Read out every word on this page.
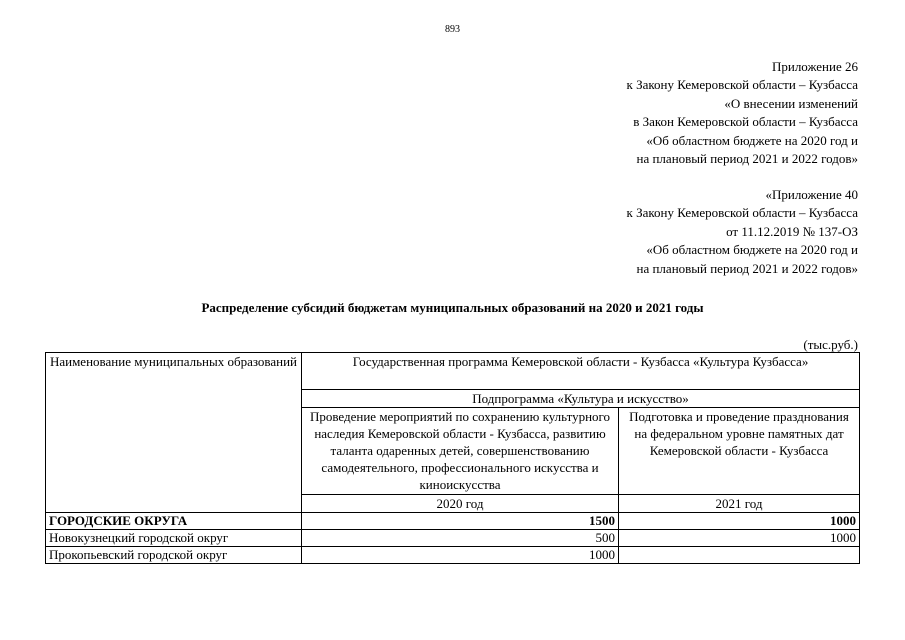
893
Приложение 26
к Закону Кемеровской области – Кузбасса
«О внесении изменений
в Закон Кемеровской области – Кузбасса
«Об областном бюджете на 2020 год и
на плановый период 2021 и 2022 годов»
«Приложение 40
к Закону Кемеровской области – Кузбасса
от 11.12.2019 № 137-ОЗ
«Об областном бюджете на 2020 год и
на плановый период 2021 и 2022 годов»
Распределение субсидий бюджетам муниципальных образований на 2020 и 2021 годы
(тыс.руб.)
Наименование муниципальных образований	Государственная программа Кемеровской области - Кузбасса «Культура Кузбасса»	
	Подпрограмма «Культура и искусство»	
	Проведение мероприятий по сохранению культурного наследия Кемеровской области - Кузбасса, развитию таланта одаренных детей, совершенствованию самодеятельного, профессионального искусства и киноискусства	Подготовка и проведение празднования на федеральном уровне памятных дат Кемеровской области - Кузбасса
	2020 год	2021 год
ГОРОДСКИЕ ОКРУГА	1500	1000
Новокузнецкий городской округ	500	1000
Прокопьевский городской округ	1000	
